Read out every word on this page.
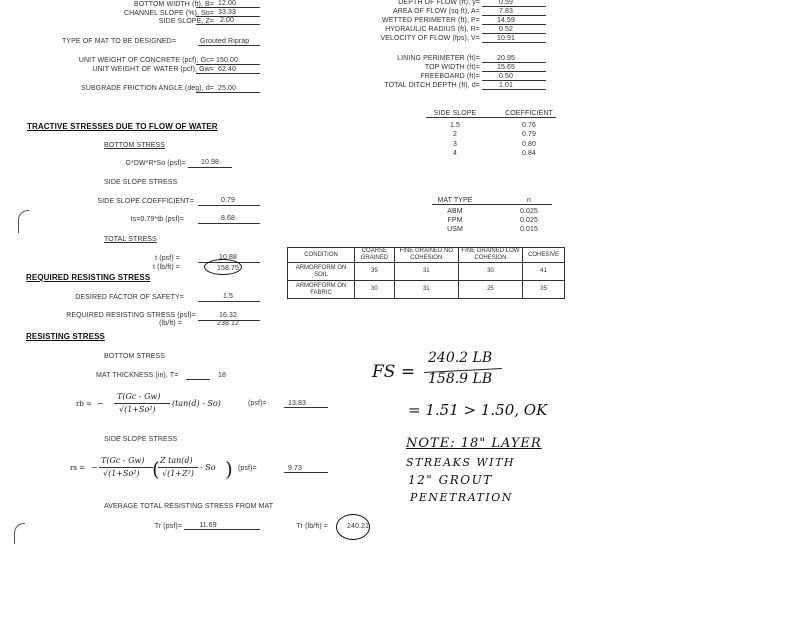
BOTTOM WIDTH (ft), B= 12.00
CHANNEL SLOPE (%), So= 33.33
SIDE SLOPE, Z= 2.00
TYPE OF MAT TO BE DESIGNED=	Grouted Riprap
UNIT WEIGHT OF CONCRETE (pcf), Gc= 150.00
UNIT WEIGHT OF WATER (pcf), Gw= 62.40
SUBGRADE FRICTION ANGLE (deg), d= 25.00
DEPTH OF FLOW (ft), y=	0.59
AREA OF FLOW (sq ft), A=	7.83
WETTED PERIMETER (ft), P=	14.59
HYDRAULIC RADIUS (ft), R=	0.52
VELOCITY OF FLOW (fps), V=	10.91
LINING PERIMETER (ft)=	20.95
TOP WIDTH (ft)=	15.65
FREEBOARD (ft)=	0.50
TOTAL DITCH DEPTH (ft), d=	1.01
SIDE SLOPE	COEFFICIENT
1.5	0.76
2	0.79
3	0.80
4	0.84
MAT TYPE	n
ABM	0.025
FPM	0.025
USM	0.015
TRACTIVE STRESSES DUE TO FLOW OF WATER
BOTTOM STRESS
G*DW*R*So (psf)=	10.98
SIDE SLOPE STRESS
SIDE SLOPE COEFFICIENT=	0.79
ts=0.79*tb (psf)=	8.68
TOTAL STRESS
t (psf) =	10.88
t (lb/ft) =	158.75
REQUIRED RESISTING STRESS
DESIRED FACTOR OF SAFETY=	1.5
REQUIRED RESISTING STRESS (psf)=	16.32
(lb/ft) =	238.12
CONDITION	COARSE GRAINED	FINE GRAINED NO COHESION	FINE GRAINED LOW COHESION	COHESIVE
ARMORFORM ON SOIL	35	31	30	41
ARMORFORM ON FABRIC	30	31	25	35
RESISTING STRESS
BOTTOM STRESS
MAT THICKNESS (in), T=	18
rb = −
T(Gc - Gw)
√(1+So²)
(tan(d) - So)	(psf)=	13.83
SIDE SLOPE STRESS
rs = −
T(Gc - Gw)
√(1+So²) ( Z tan(d)
√(1+Z²)
- So ) (psf)=	9.73
AVERAGE TOTAL RESISTING STRESS FROM MAT
Tr (psf)=	11.69	Tr (lb/ft) =	240.21
FS =
240.2 LB
158.9 LB
= 1.51 > 1.50, OK
NOTE: 18" LAYER
STREAKS WITH
12" GROUT
PENETRATION
